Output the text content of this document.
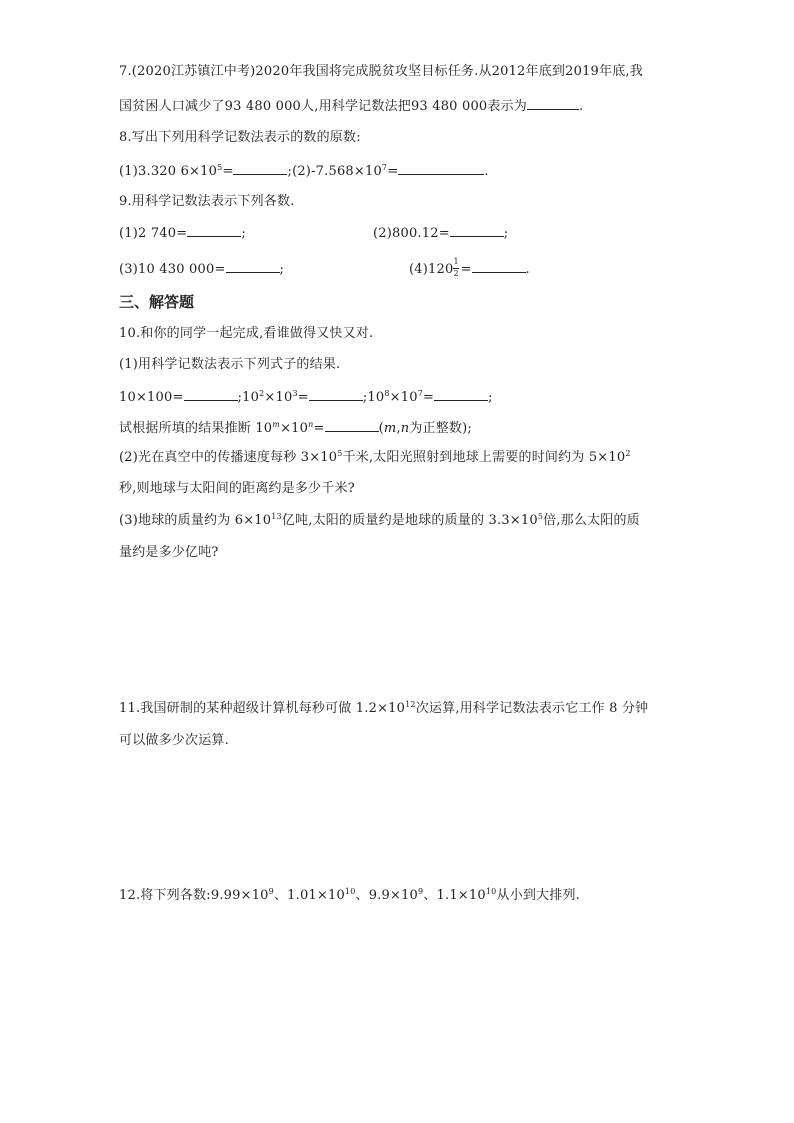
7.(2020江苏镇江中考)2020年我国将完成脱贫攻坚目标任务.从2012年底到2019年底,我
国贫困人口减少了93 480 000人,用科学记数法把93 480 000表示为	.
8.写出下列用科学记数法表示的数的原数:
(1)3.320 $6\times 10^5=$	$;(2)-7.568\times 10^7=$	.
9.用科学记数法表示下列各数.
(1)2 740=	;	(2)800.12=	;
(3)10 430 000=	;	$(4)120 \frac{1}{2}$ =	.
三、解答题
10.和你的同学一起完成,看谁做得又快又对.
(1)用科学记数法表示下列式子的结果.
10×100=	$;10^2\times 10^3=$	$;10^8\times 10^7=$	;
试根据所填的结果推断 $10^m\times 10^n=$	(m,n为正整数);
(2)光在真空中的传播速度每秒 $3\times 10^5$千米,太阳光照射到地球上需要的时间约为 $5\times 10^2$
秒,则地球与太阳间的距离约是多少千米?
(3)地球的质量约为 $6\times 10^{13}$亿吨,太阳的质量约是地球的质量的 $3.3\times 10^5$倍,那么太阳的质
量约是多少亿吨?
11.我国研制的某种超级计算机每秒可做 $1.2\times 10^{12}$次运算,用科学记数法表示它工作 8 分钟
可以做多少次运算.
12.将下列各数$:9.99\times 10^9$、$1.01\times 10^{10}$、$9.9\times 10^9$、$1.1\times 10^{10}$从小到大排列.
